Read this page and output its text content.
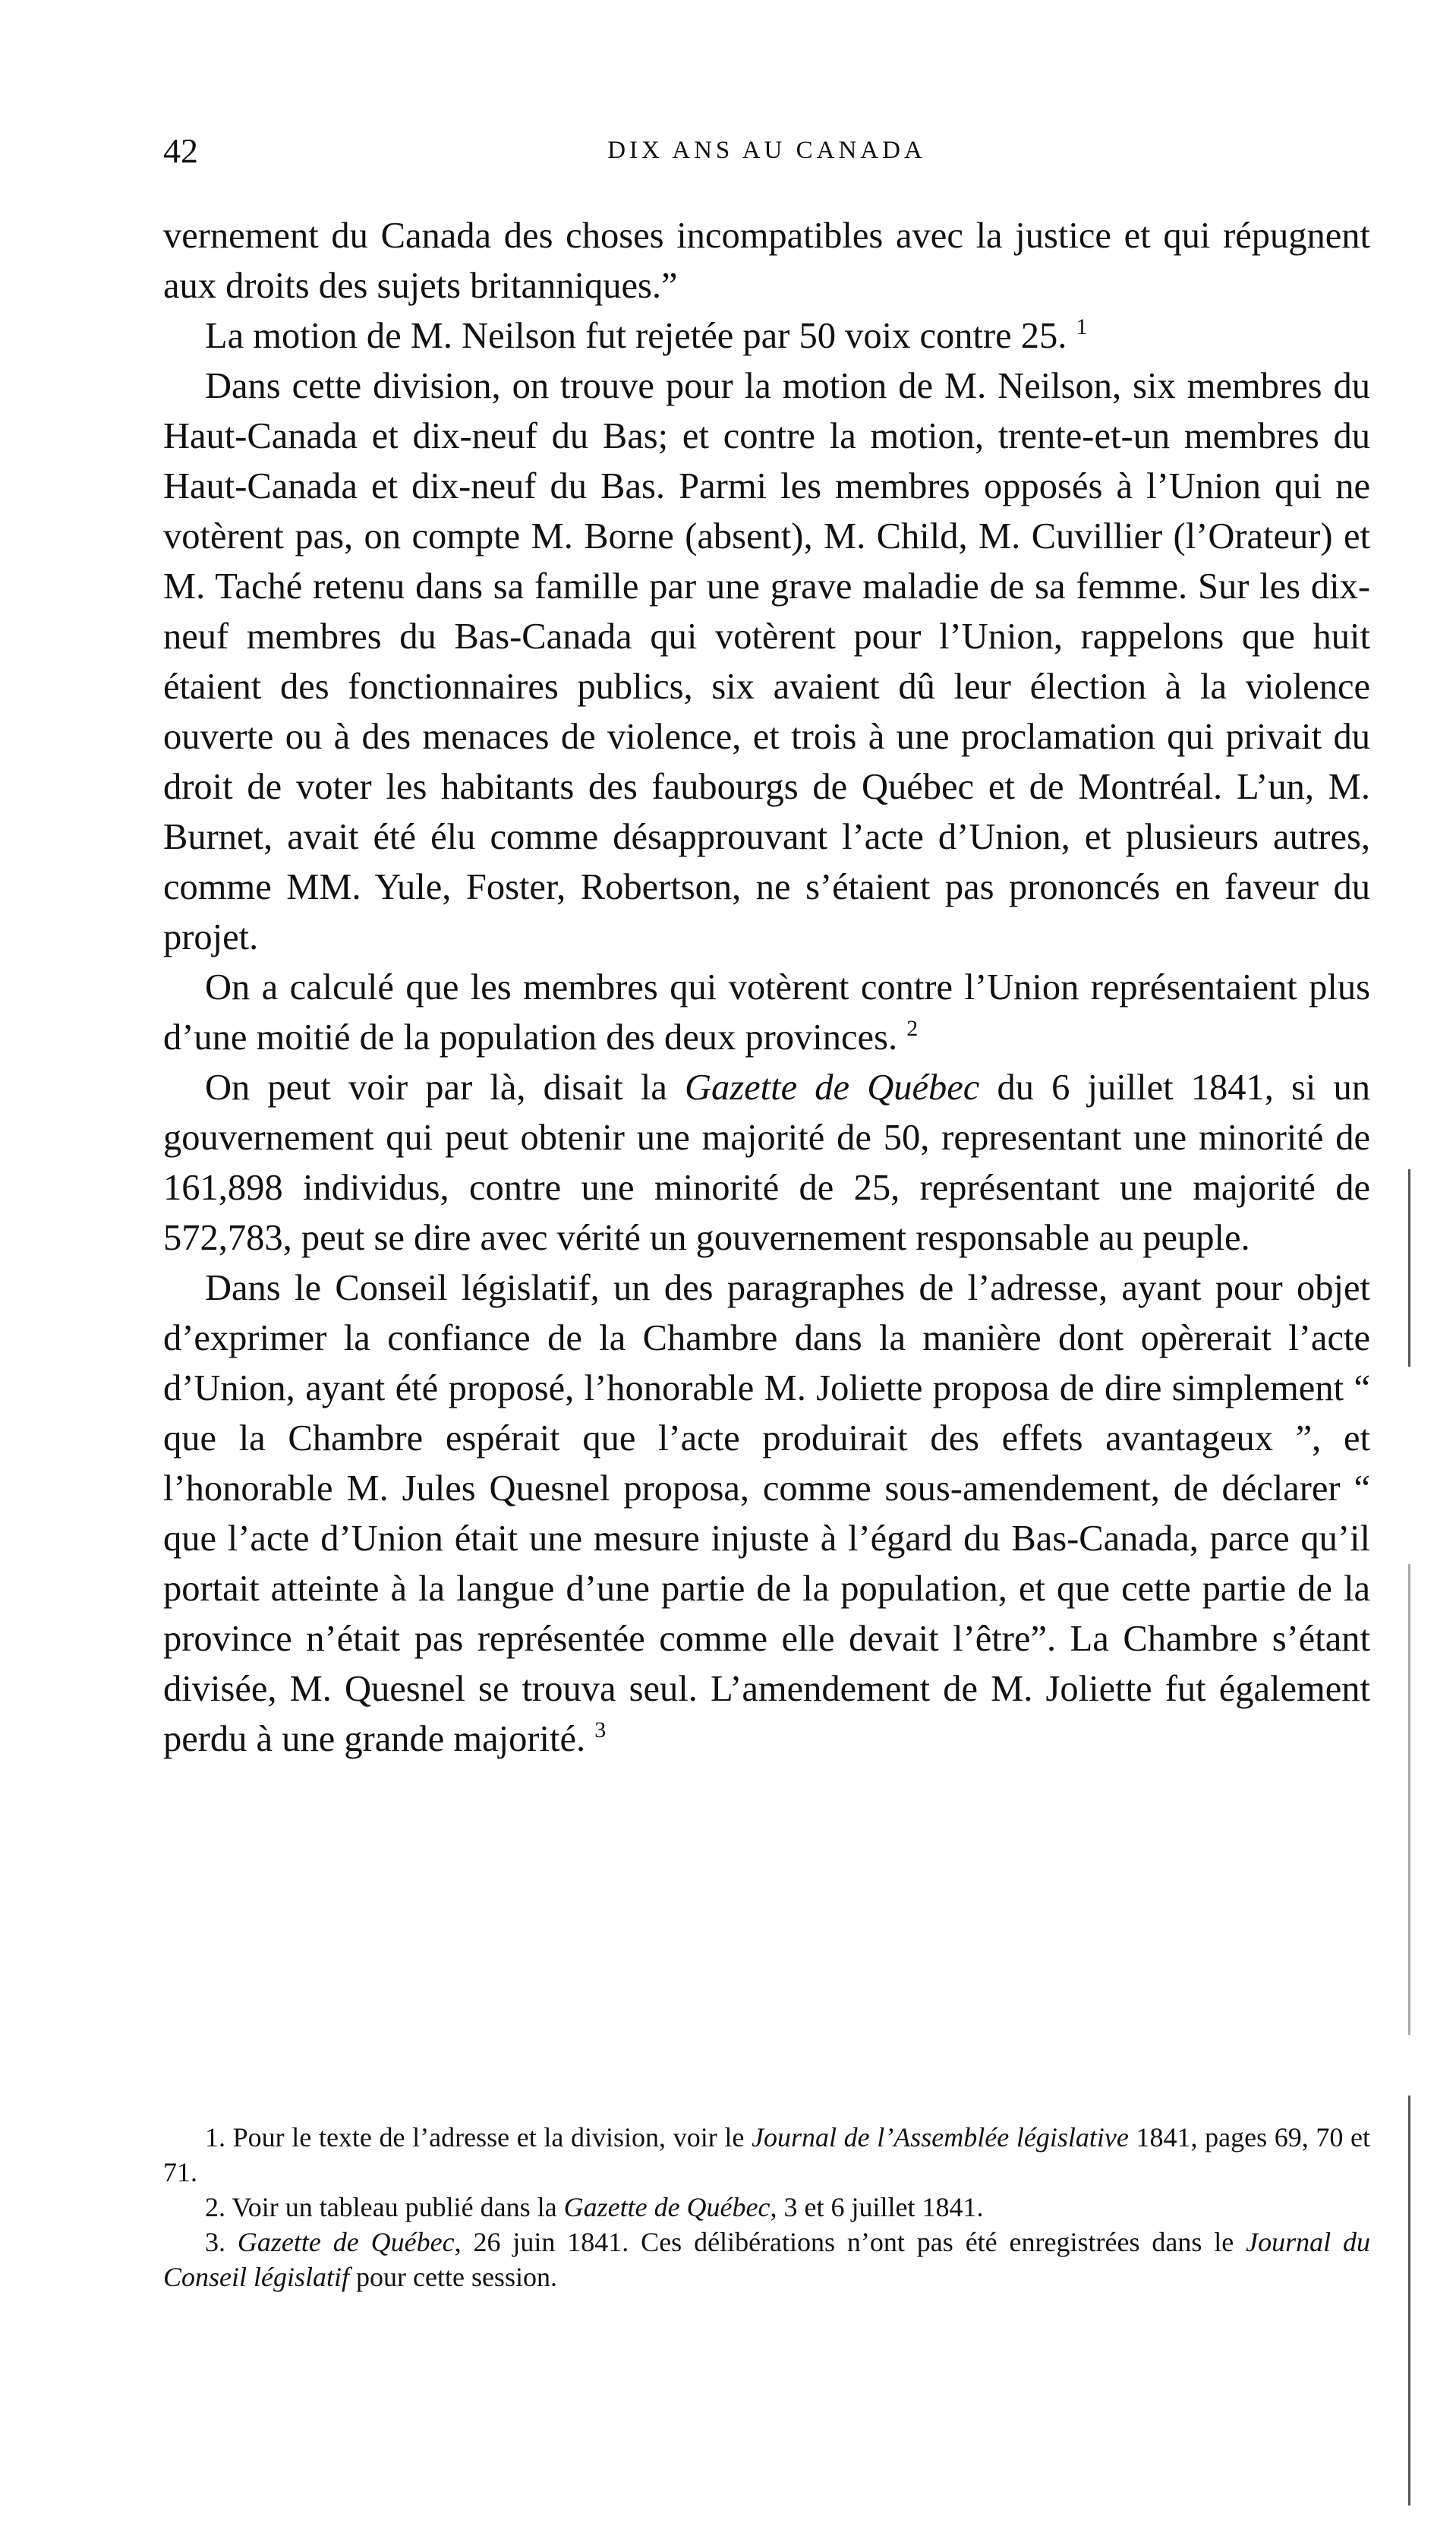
42	DIX ANS AU CANADA

vernement du Canada des choses incompatibles avec la justice et qui répugnent aux droits des sujets britanniques.”

La motion de M. Neilson fut rejetée par 50 voix contre 25. $^1$

Dans cette division, on trouve pour la motion de M. Neilson, six membres du Haut-Canada et dix-neuf du Bas; et contre la motion, trente-et-un membres du Haut-Canada et dix-neuf du Bas. Parmi les membres opposés à l’Union qui ne votèrent pas, on compte M. Borne (absent), M. Child, M. Cuvillier (l’Orateur) et M. Taché retenu dans sa famille par une grave maladie de sa femme. Sur les dix-neuf membres du Bas-Canada qui votèrent pour l’Union, rappelons que huit étaient des fonctionnaires publics, six avaient dû leur élection à la violence ouverte ou à des menaces de violence, et trois à une proclamation qui privait du droit de voter les habitants des faubourgs de Québec et de Montréal. L’un, M. Burnet, avait été élu comme désapprouvant l’acte d’Union, et plusieurs autres, comme MM. Yule, Foster, Robertson, ne s’étaient pas prononcés en faveur du projet.

On a calculé que les membres qui votèrent contre l’Union représentaient plus d’une moitié de la population des deux provinces. $^2$

On peut voir par là, disait la Gazette de Québec du 6 juillet 1841, si un gouvernement qui peut obtenir une majorité de 50, representant une minorité de 161,898 individus, contre une minorité de 25, représentant une majorité de 572,783, peut se dire avec vérité un gouvernement responsable au peuple.

Dans le Conseil législatif, un des paragraphes de l’adresse, ayant pour objet d’exprimer la confiance de la Chambre dans la manière dont opèrerait l’acte d’Union, ayant été proposé, l’honorable M. Joliette proposa de dire simplement “ que la Chambre espérait que l’acte produirait des effets avantageux ”, et l’honorable M. Jules Quesnel proposa, comme sous-amendement, de déclarer “ que l’acte d’Union était une mesure injuste à l’égard du Bas-Canada, parce qu’il portait atteinte à la langue d’une partie de la population, et que cette partie de la province n’était pas représentée comme elle devait l’être”. La Chambre s’étant divisée, M. Quesnel se trouva seul. L’amendement de M. Joliette fut également perdu à une grande majorité. $^3$

1. Pour le texte de l’adresse et la division, voir le Journal de l’Assemblée législative 1841, pages 69, 70 et 71.

2. Voir un tableau publié dans la Gazette de Québec, 3 et 6 juillet 1841.

3. Gazette de Québec, 26 juin 1841. Ces délibérations n’ont pas été enregistrées dans le Journal du Conseil législatif pour cette session.
